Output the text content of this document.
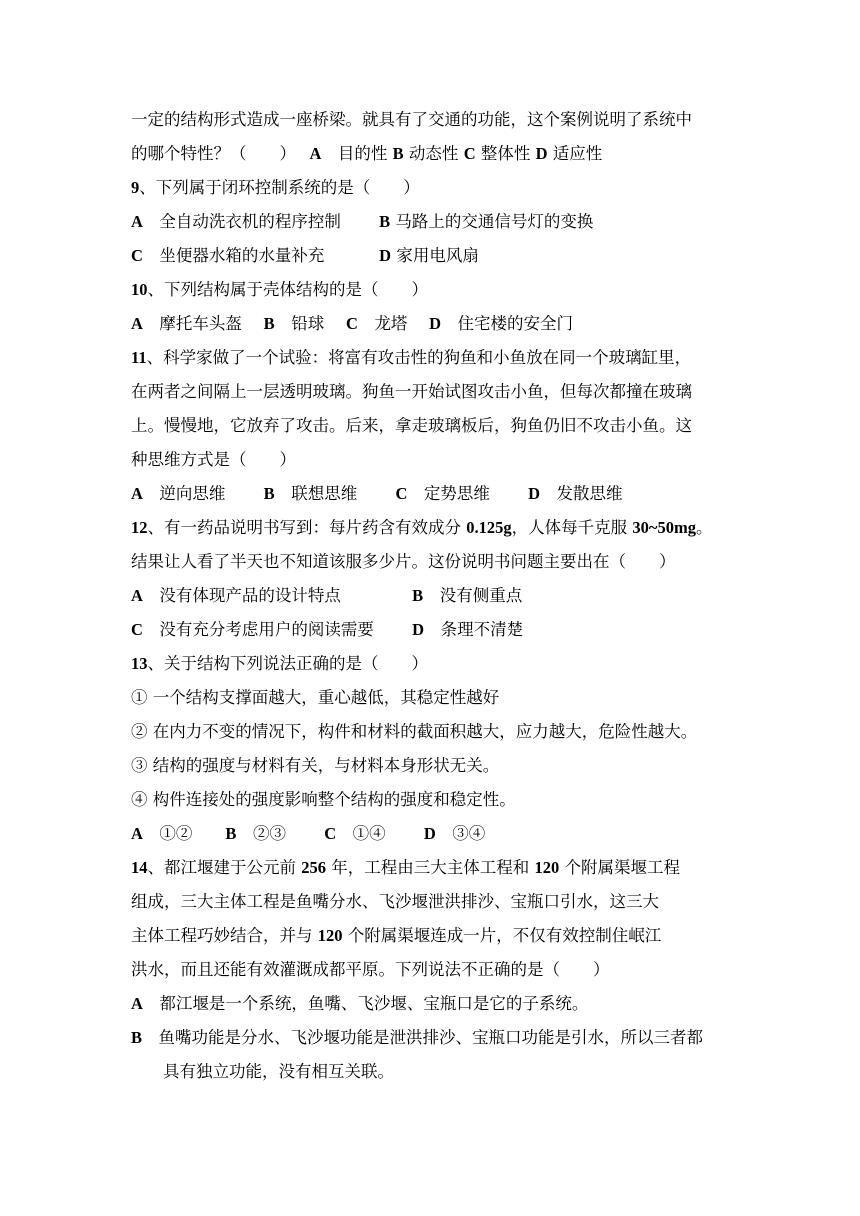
一定的结构形式造成一座桥梁。就具有了交通的功能，这个案例说明了系统中
的哪个特性？（　　）　 A　目的性 B 动态性 C 整体性 D 适应性
9、下列属于闭环控制系统的是（　　）
A　全自动洗衣机的程序控制　　 B 马路上的交通信号灯的变换
C　坐便器水箱的水量补充　　　 D 家用电风扇
10、下列结构属于壳体结构的是（　　）
A　摩托车头盔　 B　铅球　 C　龙塔　 D　住宅楼的安全门
11、科学家做了一个试验：将富有攻击性的狗鱼和小鱼放在同一个玻璃缸里，
在两者之间隔上一层透明玻璃。狗鱼一开始试图攻击小鱼，但每次都撞在玻璃
上。慢慢地，它放弃了攻击。后来，拿走玻璃板后，狗鱼仍旧不攻击小鱼。这
种思维方式是（　　）
A　逆向思维　　 B　联想思维　　 C　定势思维　　 D　发散思维
12、有一药品说明书写到：每片药含有效成分 0.125g，人体每千克服 30~50mg。
结果让人看了半天也不知道该服多少片。这份说明书问题主要出在（　　）
A　没有体现产品的设计特点　　　　 B　没有侧重点
C　没有充分考虑用户的阅读需要　　 D　条理不清楚
13、关于结构下列说法正确的是（　　）
① 一个结构支撑面越大，重心越低，其稳定性越好
② 在内力不变的情况下，构件和材料的截面积越大，应力越大，危险性越大。
③ 结构的强度与材料有关，与材料本身形状无关。
④ 构件连接处的强度影响整个结构的强度和稳定性。
A　①②　　B　②③　　 C　①④　　 D　③④
14、都江堰建于公元前 256 年，工程由三大主体工程和 120 个附属渠堰工程
组成，三大主体工程是鱼嘴分水、飞沙堰泄洪排沙、宝瓶口引水，这三大
主体工程巧妙结合，并与 120 个附属渠堰连成一片，不仅有效控制住岷江
洪水，而且还能有效灌溉成都平原。下列说法不正确的是（　　）
A　都江堰是一个系统，鱼嘴、飞沙堰、宝瓶口是它的子系统。
B　鱼嘴功能是分水、飞沙堰功能是泄洪排沙、宝瓶口功能是引水，所以三者都
具有独立功能，没有相互关联。
